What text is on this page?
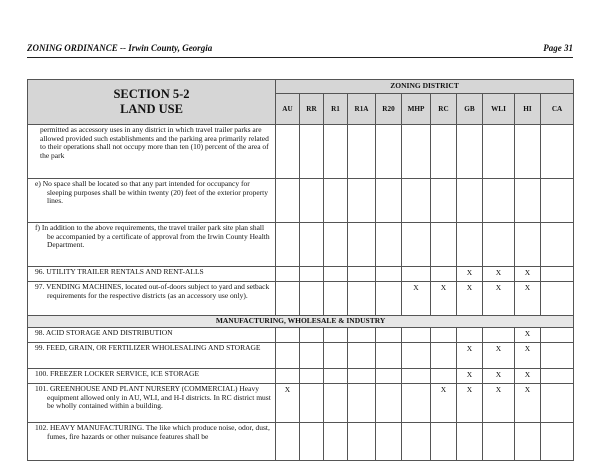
ZONING ORDINANCE -- Irwin County, Georgia	Page 31
SECTION 5-2
LAND USE	ZONING DISTRICT										
	AU	RR	R1	R1A	R20	MHP	RC	GB	WLI	HI	CA
permitted as accessory uses in any district in which travel trailer parks are allowed provided such establishments and the parking area primarily related to their operations shall not occupy more than ten (10) percent of the area of the park											
e) No space shall be located so that any part intended for occupancy for sleeping purposes shall be within twenty (20) feet of the exterior property lines.											
f) In addition to the above requirements, the travel trailer park site plan shall be accompanied by a certificate of approval from the Irwin County Health Department.											
96. UTILITY TRAILER RENTALS AND RENT-ALLS								X	X	X	
97. VENDING MACHINES, located out-of-doors subject to yard and setback requirements for the respective districts (as an accessory use only).						X	X	X	X	X	
MANUFACTURING, WHOLESALE & INDUSTRY											
98. ACID STORAGE AND DISTRIBUTION										X	
99. FEED, GRAIN, OR FERTILIZER WHOLESALING AND STORAGE								X	X	X	
100. FREEZER LOCKER SERVICE, ICE STORAGE								X	X	X	
101. GREENHOUSE AND PLANT NURSERY (COMMERCIAL) Heavy equipment allowed only in AU, WLI, and H-I districts. In RC district must be wholly contained within a building.	X						X	X	X	X	
102. HEAVY MANUFACTURING. The like which produce noise, odor, dust, fumes, fire hazards or other nuisance features shall be											
